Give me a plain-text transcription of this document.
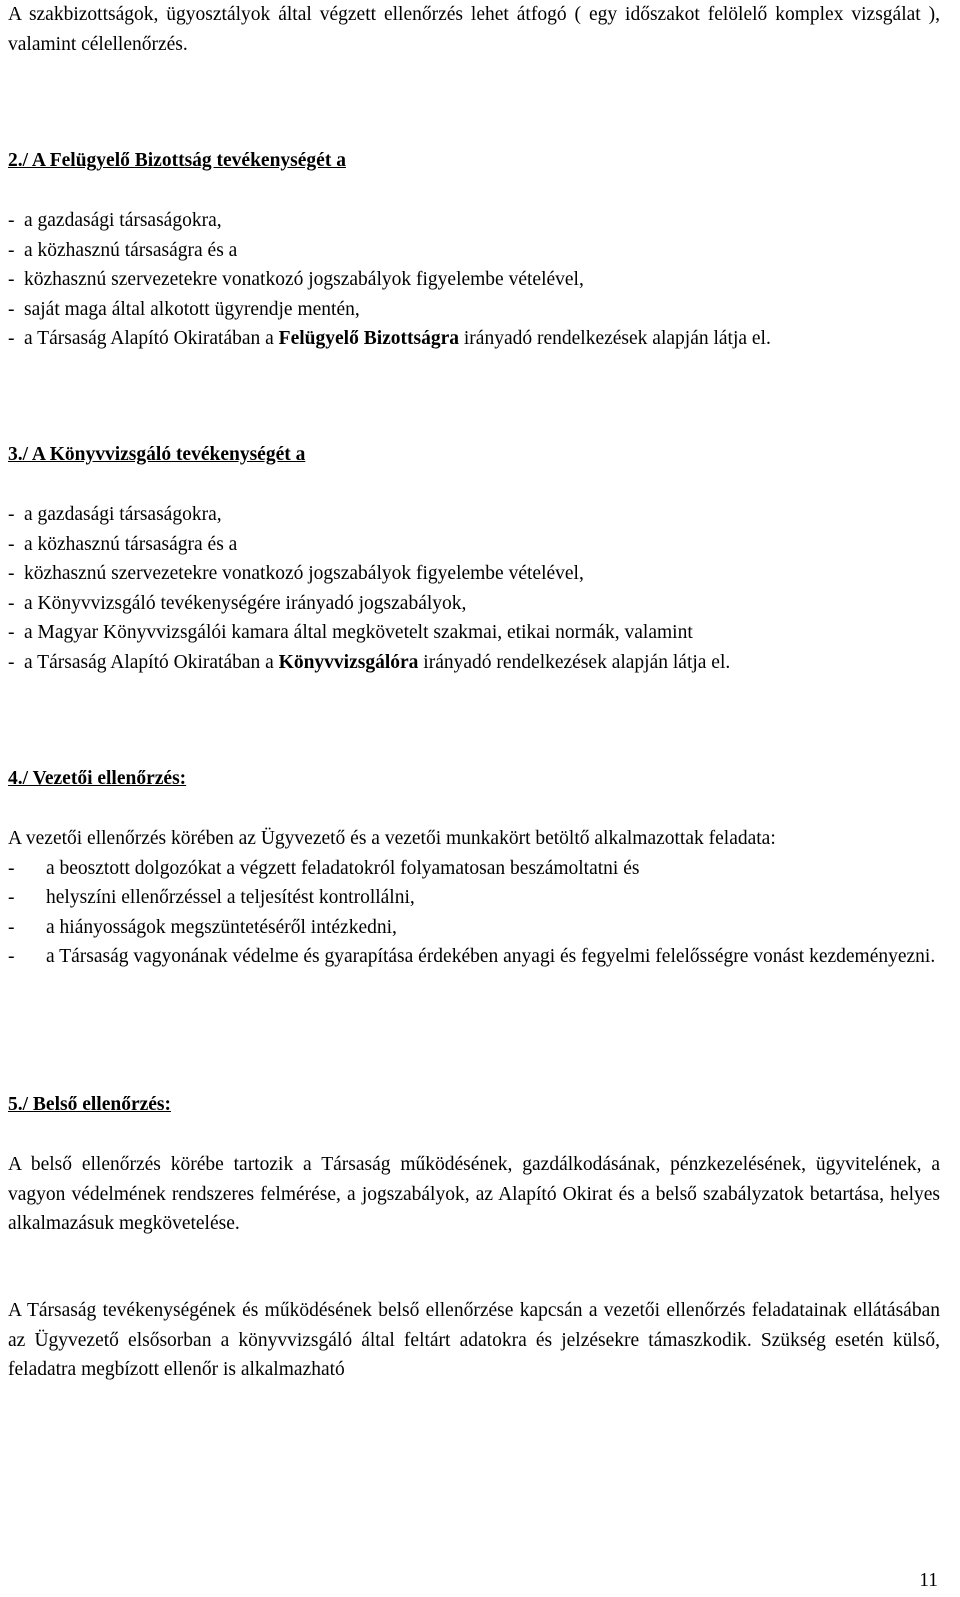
A szakbizottságok, ügyosztályok által végzett ellenőrzés lehet átfogó ( egy időszakot felölelő komplex vizsgálat ), valamint célellenőrzés.

2./ A Felügyelő Bizottság tevékenységét a

- a gazdasági társaságokra,
- a közhasznú társaságra és a
- közhasznú szervezetekre vonatkozó jogszabályok figyelembe vételével,
- saját maga által alkotott ügyrendje mentén,
- a Társaság Alapító Okiratában a Felügyelő Bizottságra irányadó rendelkezések alapján látja el.

3./ A Könyvvizsgáló tevékenységét a

- a gazdasági társaságokra,
- a közhasznú társaságra és a
- közhasznú szervezetekre vonatkozó jogszabályok figyelembe vételével,
- a Könyvvizsgáló tevékenységére irányadó jogszabályok,
- a Magyar Könyvvizsgálói kamara által megkövetelt szakmai, etikai normák, valamint
- a Társaság Alapító Okiratában a Könyvvizsgálóra irányadó rendelkezések alapján látja el.

4./ Vezetői ellenőrzés:

A vezetői ellenőrzés körében az Ügyvezető és a vezetői munkakört betöltő alkalmazottak feladata:

-	a beosztott dolgozókat a végzett feladatokról folyamatosan beszámoltatni és
-	helyszíni ellenőrzéssel a teljesítést kontrollálni,
-	a hiányosságok megszüntetéséről intézkedni,
-	a Társaság vagyonának védelme és gyarapítása érdekében anyagi és fegyelmi felelősségre vonást kezdeményezni.

5./ Belső ellenőrzés:

A belső ellenőrzés körébe tartozik a Társaság működésének, gazdálkodásának, pénzkezelésének, ügyvitelének, a vagyon védelmének rendszeres felmérése, a jogszabályok, az Alapító Okirat és a belső szabályzatok betartása, helyes alkalmazásuk megkövetelése.

A Társaság tevékenységének és működésének belső ellenőrzése kapcsán a vezetői ellenőrzés feladatainak ellátásában az Ügyvezető elsősorban a könyvvizsgáló által feltárt adatokra és jelzésekre támaszkodik. Szükség esetén külső, feladatra megbízott ellenőr is alkalmazható

11
